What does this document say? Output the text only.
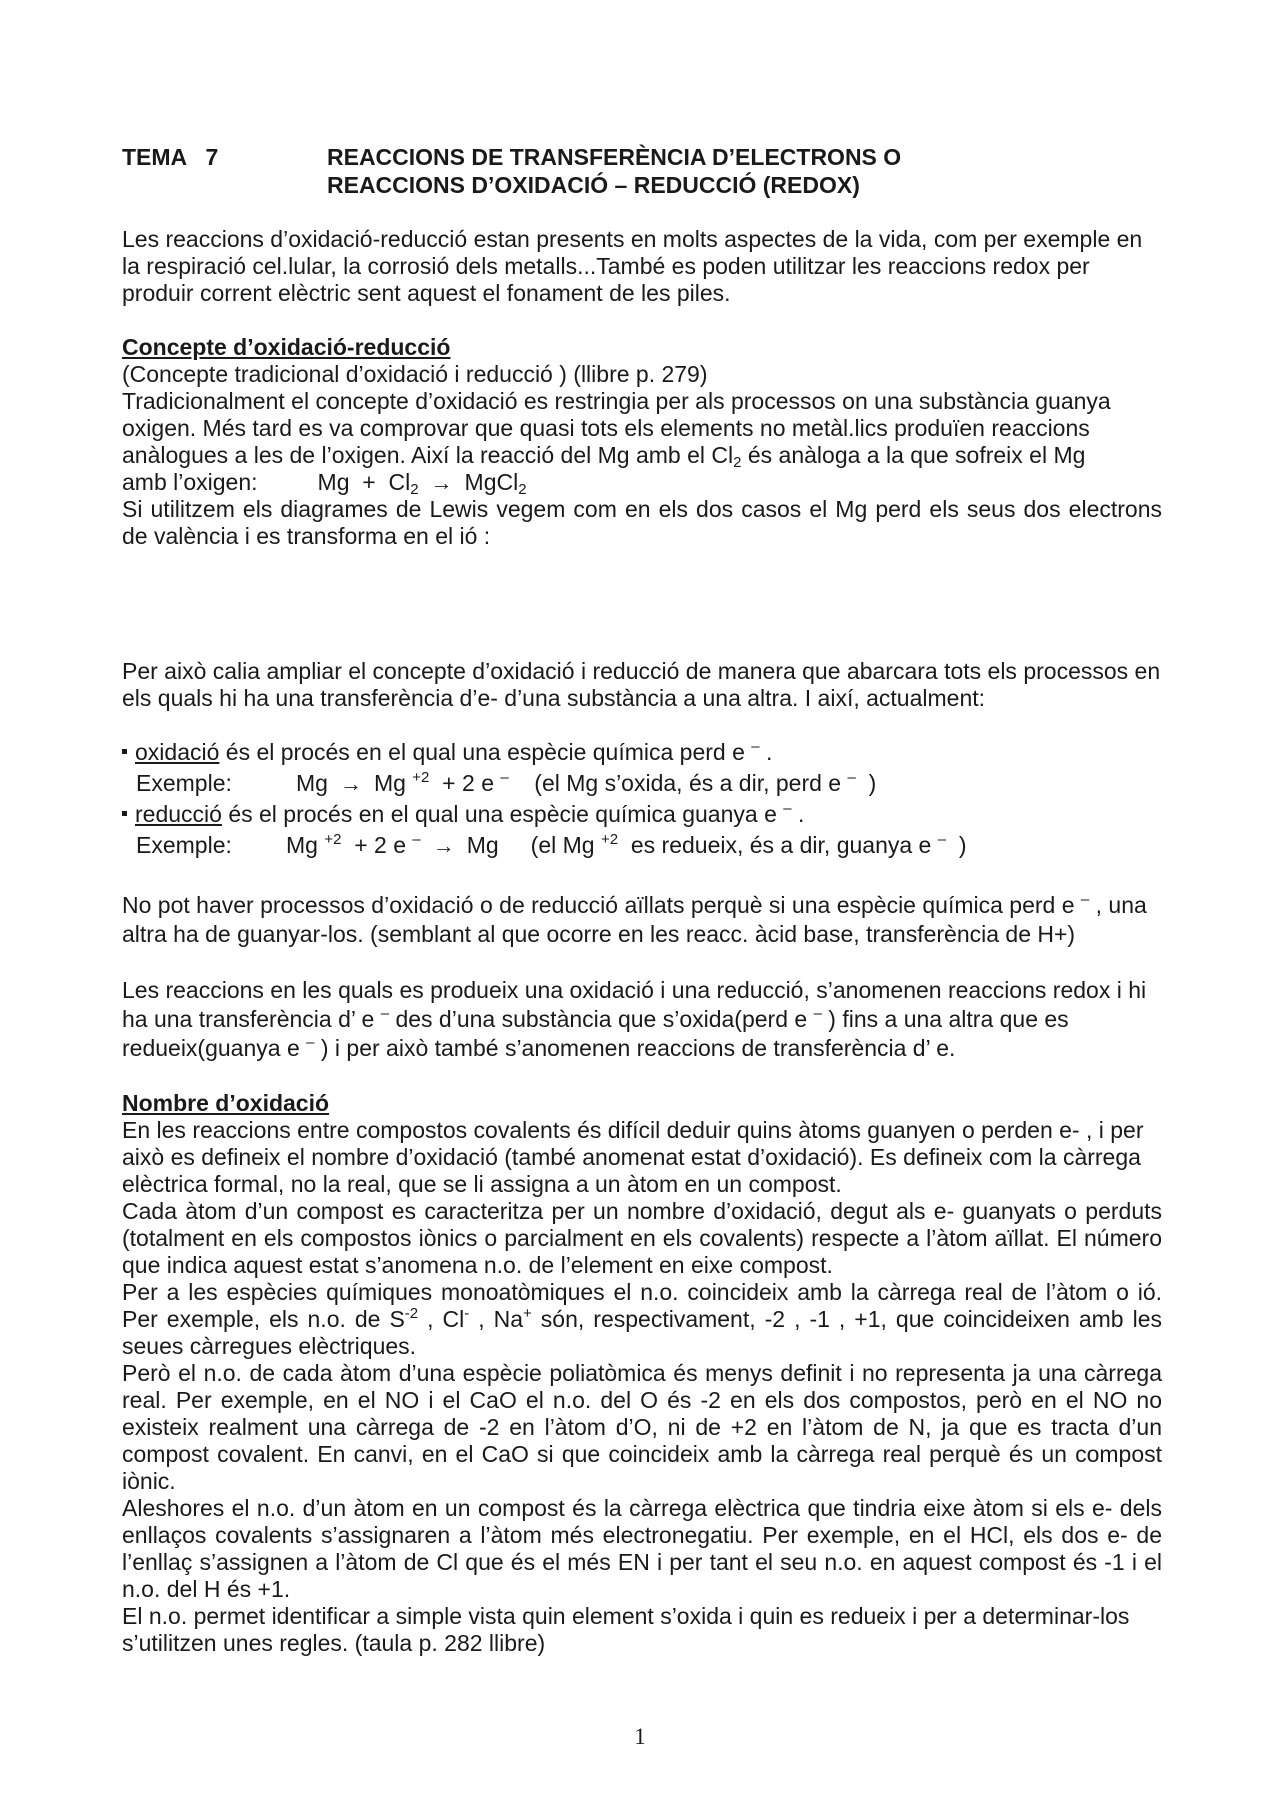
TEMA   7	REACCIONS DE TRANSFERÈNCIA D’ELECTRONS O
REACCIONS D’OXIDACIÓ – REDUCCIÓ (REDOX)

Les reaccions d’oxidació-reducció estan presents en molts aspectes de la vida, com per exemple en la respiració cel.lular, la corrosió dels metalls...També es poden utilitzar les reaccions redox per produir corrent elèctric sent aquest el fonament de les piles.

Concepte d’oxidació-reducció

(Concepte tradicional d’oxidació i reducció ) (llibre p. 279)

Tradicionalment el concepte d’oxidació es restringia per als processos on una substància guanya oxigen. Més tard es va comprovar que quasi tots els elements no metàl.lics produïen reaccions anàlogues a les de l’oxigen. Així la reacció del Mg amb el $Cl_2$ és anàloga a la que sofreix el Mg

amb l’oxigen:	$Mg + Cl_2$ → MgCl$_2$

Si utilitzem els diagrames de Lewis vegem com en els dos casos el Mg perd els seus dos electrons de valència i es transforma en el ió :

Per això calia ampliar el concepte d’oxidació i reducció de manera que abarcara tots els processos en els quals hi ha una transferència d’e- d’una substància a una altra. I així, actualment:

oxidació és el procés en el qual una espècie química perd e – .

Exemple:	Mg → Mg $^{+2}$  + 2 e –    (el Mg s’oxida, és a dir, perd e –  )

reducció és el procés en el qual una espècie química guanya e – .

Exemple:	Mg $^{+2}$  + 2 e – → Mg     (el Mg $^{+2}$  es redueix, és a dir, guanya e –  )

No pot haver processos d’oxidació o de reducció aïllats perquè si una espècie química perd e – , una altra ha de guanyar-los. (semblant al que ocorre en les reacc. àcid base, transferència de H+)

Les reaccions en les quals es produeix una oxidació i una reducció, s’anomenen reaccions redox i hi ha una transferència d’ e – des d’una substància que s’oxida(perd e – ) fins a una altra que es redueix(guanya e – ) i per això també s’anomenen reaccions de transferència d’ e.

Nombre d’oxidació

En les reaccions entre compostos covalents és difícil deduir quins àtoms guanyen o perden e- , i per això es defineix el nombre d’oxidació (també anomenat estat d’oxidació). Es defineix com la càrrega elèctrica formal, no la real, que se li assigna a un àtom en un compost.

Cada àtom d’un compost es caracteritza per un nombre d’oxidació, degut als e- guanyats o perduts (totalment en els compostos iònics o parcialment en els covalents) respecte a l’àtom aïllat. El número que indica aquest estat s’anomena n.o. de l’element en eixe compost.

Per a les espècies químiques monoatòmiques el n.o. coincideix amb la càrrega real de l’àtom o ió. Per exemple, els n.o. de $S^{-2}$ , Cl- , Na+ són, respectivament, -2 , -1 , +1, que coincideixen amb les seues càrregues elèctriques.

Però el n.o. de cada àtom d’una espècie poliatòmica és menys definit i no representa ja una càrrega real. Per exemple, en el NO i el CaO el n.o. del O és -2 en els dos compostos, però en el NO no existeix realment una càrrega de -2 en l’àtom d’O, ni de +2 en l’àtom de N, ja que es tracta d’un compost covalent. En canvi, en el CaO si que coincideix amb la càrrega real perquè és un compost iònic.

Aleshores el n.o. d’un àtom en un compost és la càrrega elèctrica que tindria eixe àtom si els e- dels enllaços covalents s’assignaren a l’àtom més electronegatiu. Per exemple, en el HCl, els dos e- de l’enllaç s’assignen a l’àtom de Cl que és el més EN i per tant el seu n.o. en aquest compost és -1 i el n.o. del H és +1.

El n.o. permet identificar a simple vista quin element s’oxida i quin es redueix i per a determinar-los s’utilitzen unes regles. (taula p. 282 llibre)

1
